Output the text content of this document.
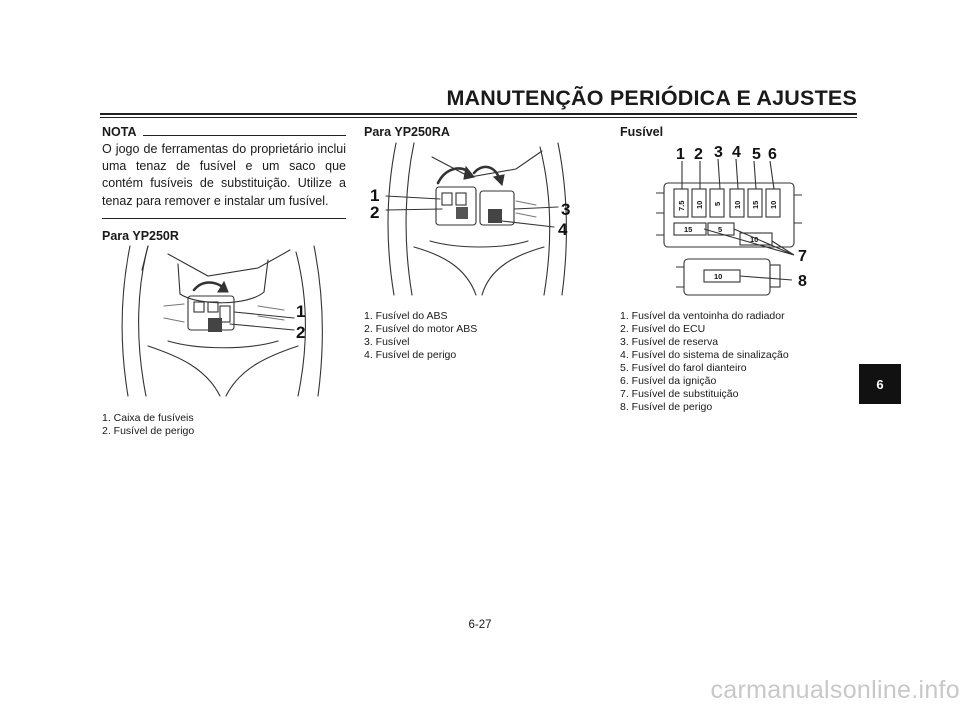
MANUTENÇÃO PERIÓDICA E AJUSTES
NOTA
O jogo de ferramentas do proprietário inclui uma tenaz de fusível e um saco que contém fusíveis de substituição. Utilize a tenaz para remover e instalar um fusível.
Para YP250R
1
2
1. Caixa de fusíveis
2. Fusível de perigo
Para YP250RA
1
2	3
4
1. Fusível do ABS
2. Fusível do motor ABS
3. Fusível
4. Fusível de perigo
Fusível
7.5 10 5 10 15 10
15	5
10
10
1 2 3 4 5 6
7
8
1. Fusível da ventoinha do radiador
2. Fusível do ECU
3. Fusível de reserva
4. Fusível do sistema de sinalização
5. Fusível do farol dianteiro
6. Fusível da ignição
7. Fusível de substituição
8. Fusível de perigo
6
6-27
carmanualsonline.info
